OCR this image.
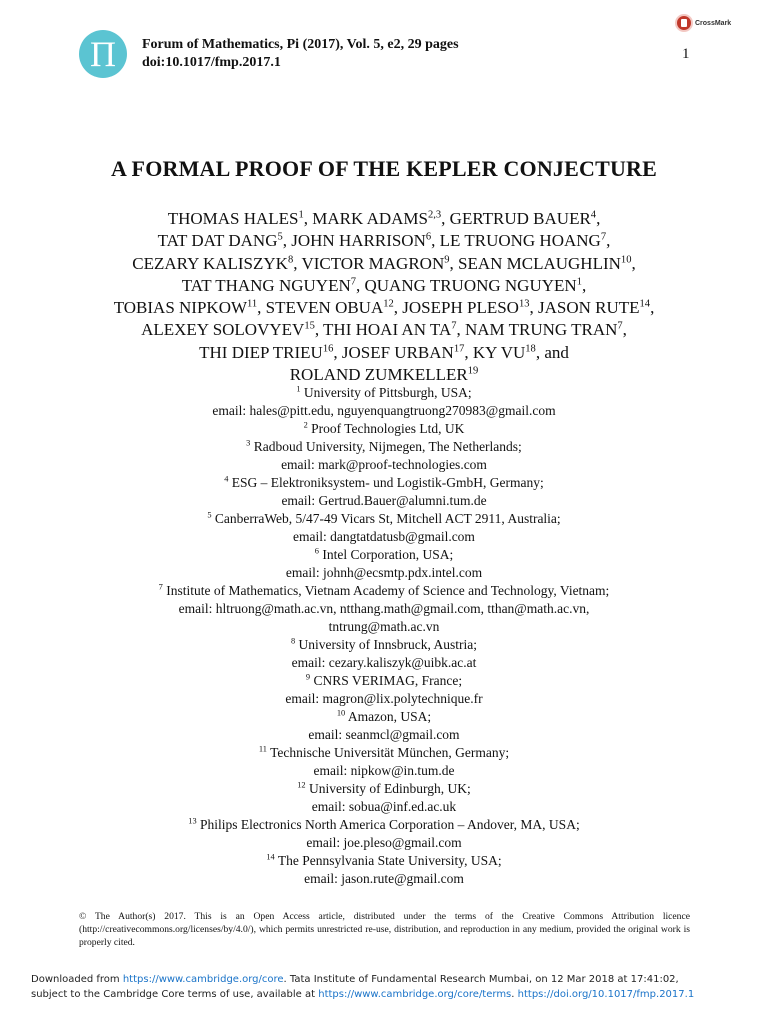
Π Forum of Mathematics, Pi (2017), Vol. 5, e2, 29 pages
doi:10.1017/fmp.2017.1
CrossMark
1
A FORMAL PROOF OF THE KEPLER CONJECTURE
THOMAS HALES$^1$, MARK ADAMS$^{2,3}$, GERTRUD BAUER$^4$,
TAT DAT DANG$^5$, JOHN HARRISON$^6$, LE TRUONG HOANG$^7$,
CEZARY KALISZYK$^8$, VICTOR MAGRON$^9$, SEAN MCLAUGHLIN$^{10}$,
TAT THANG NGUYEN$^7$, QUANG TRUONG NGUYEN$^1$,
TOBIAS NIPKOW$^{11}$, STEVEN OBUA$^{12}$, JOSEPH PLESO$^{13}$, JASON RUTE$^{14}$,
ALEXEY SOLOVYEV$^{15}$, THI HOAI AN $TA^7$, NAM TRUNG TRAN$^7$,
THI DIEP TRIEU$^{16}$, JOSEF URBAN$^{17}$, KY VU$^{18}$, and
ROLAND ZUMKELLER$^{19}$
$^1$ University of Pittsburgh, USA;
email: hales@pitt.edu, nguyenquangtruong270983@gmail.com
$^2$ Proof Technologies Ltd, UK
$^3$ Radboud University, Nijmegen, The Netherlands;
email: mark@proof-technologies.com
$^4$ ESG – Elektroniksystem- und Logistik-GmbH, Germany;
email: Gertrud.Bauer@alumni.tum.de
$^5$ CanberraWeb, 5/47-49 Vicars St, Mitchell ACT 2911, Australia;
email: dangtatdatusb@gmail.com
$^6$ Intel Corporation, USA;
email: johnh@ecsmtp.pdx.intel.com
$^7$ Institute of Mathematics, Vietnam Academy of Science and Technology, Vietnam;
email: hltruong@math.ac.vn, ntthang.math@gmail.com, tthan@math.ac.vn,
tntrung@math.ac.vn
$^8$ University of Innsbruck, Austria;
email: cezary.kaliszyk@uibk.ac.at
$^9$ CNRS VERIMAG, France;
email: magron@lix.polytechnique.fr
$^{10}$ Amazon, USA;
email: seanmcl@gmail.com
$^{11}$ Technische Universität München, Germany;
email: nipkow@in.tum.de
$^{12}$ University of Edinburgh, UK;
email: sobua@inf.ed.ac.uk
$^{13}$ Philips Electronics North America Corporation – Andover, MA, USA;
email: joe.pleso@gmail.com
$^{14}$ The Pennsylvania State University, USA;
email: jason.rute@gmail.com
© The Author(s) 2017. This is an Open Access article, distributed under the terms of the Creative Commons Attribution licence (http://creativecommons.org/licenses/by/4.0/), which permits unrestricted re-use, distribution, and reproduction in any medium, provided the original work is properly cited.
Downloaded from https://www.cambridge.org/core. Tata Institute of Fundamental Research Mumbai, on 12 Mar 2018 at 17:41:02,
subject to the Cambridge Core terms of use, available at https://www.cambridge.org/core/terms. https://doi.org/10.1017/fmp.2017.1
